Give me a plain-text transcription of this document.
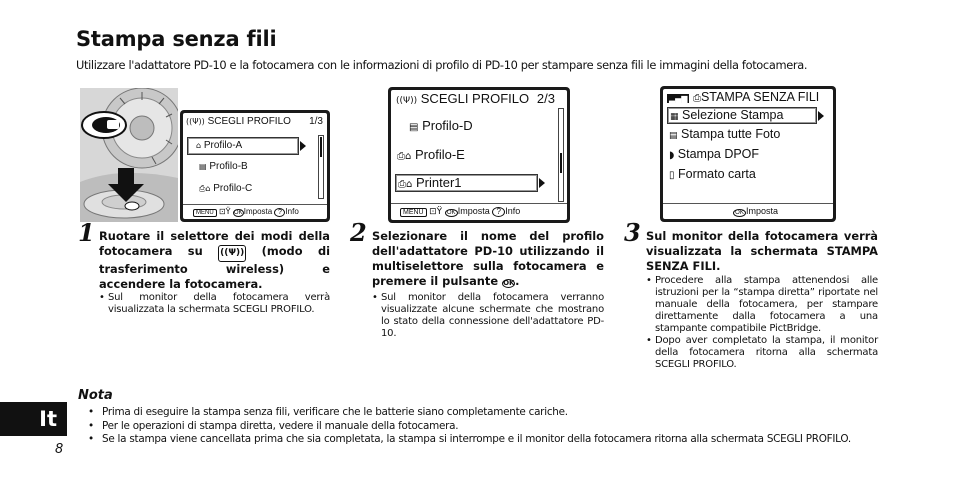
Stampa senza fili
Utilizzare l'adattatore PD-10 e la fotocamera con le informazioni di profilo di PD-10 per stampare senza fili le immagini della fotocamera.
((Ψ)) SCEGLI PROFILO 1/3
⌂ Profilo-A
▤ Profilo-B
⎙⌂ Profilo-C
MENU ⊡Ϋ OKImposta ? Info
((Ψ)) SCEGLI PROFILO 2/3
▤ Profilo-D
⎙⌂ Profilo-E
⎙⌂ Printer1
MENU ⊡Ϋ OK Imposta ? Info
▂▄▆ ⎙STAMPA SENZA FILI
▦ Selezione Stampa
▤ Stampa tutte Foto
◗ Stampa DPOF
▯ Formato carta
OK Imposta
1 Ruotare il selettore dei modi della fotocamera su ((Ψ)) (modo di trasferimento wireless) e accendere la fotocamera.
• Sul monitor della fotocamera verrà visualizzata la schermata SCEGLI PROFILO.
2 Selezionare il nome del profilo dell'adattatore PD-10 utilizzando il multiselettore sulla fotocamera e premere il pulsante OK.
• Sul monitor della fotocamera verranno visualizzate alcune schermate che mostrano lo stato della connessione dell'adattatore PD-10.
3 Sul monitor della fotocamera verrà visualizzata la schermata STAMPA SENZA FILI.
• Procedere alla stampa attenendosi alle istruzioni per la “stampa diretta” riportate nel manuale della fotocamera, per stampare direttamente dalla fotocamera a una stampante compatibile PictBridge.
• Dopo aver completato la stampa, il monitor della fotocamera ritorna alla schermata SCEGLI PROFILO.
Nota
• Prima di eseguire la stampa senza fili, verificare che le batterie siano completamente cariche.
• Per le operazioni di stampa diretta, vedere il manuale della fotocamera.
• Se la stampa viene cancellata prima che sia completata, la stampa si interrompe e il monitor della fotocamera ritorna alla schermata SCEGLI PROFILO.
It
8
